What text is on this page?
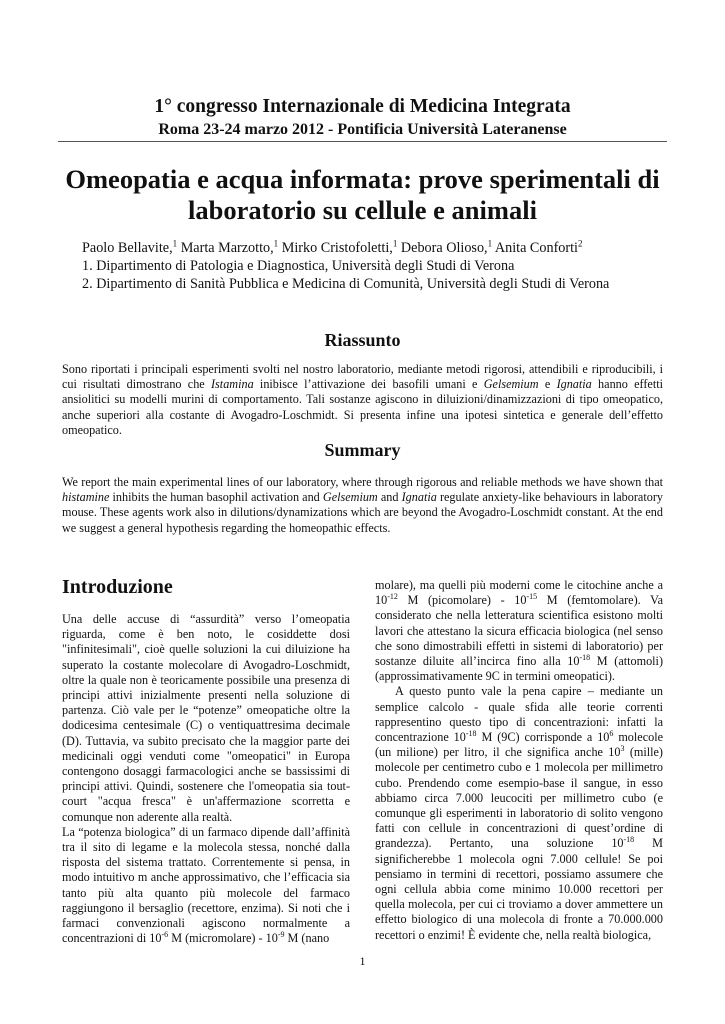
1° congresso Internazionale di Medicina Integrata
Roma 23-24 marzo 2012 - Pontificia Università Lateranense
Omeopatia e acqua informata: prove sperimentali di
laboratorio su cellule e animali
Paolo Bellavite,$^1$ Marta Marzotto,$^1$ Mirko Cristofoletti,$^1$ Debora Olioso,$^1$ Anita Conforti$^2$
1. Dipartimento di Patologia e Diagnostica, Università degli Studi di Verona
2. Dipartimento di Sanità Pubblica e Medicina di Comunità, Università degli Studi di Verona
Riassunto
Sono riportati i principali esperimenti svolti nel nostro laboratorio, mediante metodi rigorosi, attendibili e riproducibili, i cui risultati dimostrano che Istamina inibisce l’attivazione dei basofili umani e Gelsemium e Ignatia hanno effetti ansiolitici su modelli murini di comportamento. Tali sostanze agiscono in diluizioni/dinamizzazioni di tipo omeopatico, anche superiori alla costante di Avogadro-Loschmidt. Si presenta infine una ipotesi sintetica e generale dell’effetto omeopatico.
Summary
We report the main experimental lines of our laboratory, where through rigorous and reliable methods we have shown that histamine inhibits the human basophil activation and Gelsemium and Ignatia regulate anxiety-like behaviours in laboratory mouse. These agents work also in dilutions/dynamizations which are beyond the Avogadro-Loschmidt constant. At the end we suggest a general hypothesis regarding the homeopathic effects.
Introduzione

Una delle accuse di “assurdità” verso l’omeopatia riguarda, come è ben noto, le cosiddette dosi "infinitesimali", cioè quelle soluzioni la cui diluizione ha superato la costante molecolare di Avogadro-Loschmidt, oltre la quale non è teoricamente possibile una presenza di principi attivi inizialmente presenti nella soluzione di partenza. Ciò vale per le “potenze” omeopatiche oltre la dodicesima centesimale (C) o ventiquattresima decimale (D). Tuttavia, va subito precisato che la maggior parte dei medicinali oggi venduti come "omeopatici" in Europa contengono dosaggi farmacologici anche se bassissimi di principi attivi. Quindi, sostenere che l'omeopatia sia tout-court "acqua fresca" è un'affermazione scorretta e comunque non aderente alla realtà.

La “potenza biologica” di un farmaco dipende dall’affinità tra il sito di legame e la molecola stessa, nonché dalla risposta del sistema trattato. Correntemente si pensa, in modo intuitivo m anche approssimativo, che l’efficacia sia tanto più alta quanto più molecole del farmaco raggiungono il bersaglio (recettore, enzima). Si noti che i farmaci convenzionali agiscono normalmente a concentrazioni di $10^{-6}$ M (micromolare) - $10^{-9}$ M (nano

molare), ma quelli più moderni come le citochine anche a $10^{-12}$ M (picomolare) - $10^{-15}$ M (femtomolare). Va considerato che nella letteratura scientifica esistono molti lavori che attestano la sicura efficacia biologica (nel senso che sono dimostrabili effetti in sistemi di laboratorio) per sostanze diluite all’incirca fino alla $10^{-18}$ M (attomoli) (approssimativamente 9C in termini omeopatici).

A questo punto vale la pena capire – mediante un semplice calcolo - quale sfida alle teorie correnti rappresentino questo tipo di concentrazioni: infatti la concentrazione $10^{-18}$ M (9C) corrisponde a $10^6$ molecole (un milione) per litro, il che significa anche $10^3$ (mille) molecole per centimetro cubo e 1 molecola per millimetro cubo. Prendendo come esempio-base il sangue, in esso abbiamo circa 7.000 leucociti per millimetro cubo (e comunque gli esperimenti in laboratorio di solito vengono fatti con cellule in concentrazioni di quest’ordine di grandezza). Pertanto, una soluzione $10^{-18}$ M significherebbe 1 molecola ogni 7.000 cellule! Se poi pensiamo in termini di recettori, possiamo assumere che ogni cellula abbia come minimo 10.000 recettori per quella molecola, per cui ci troviamo a dover ammettere un effetto biologico di una molecola di fronte a 70.000.000 recettori o enzimi! È evidente che, nella realtà biologica,

1
